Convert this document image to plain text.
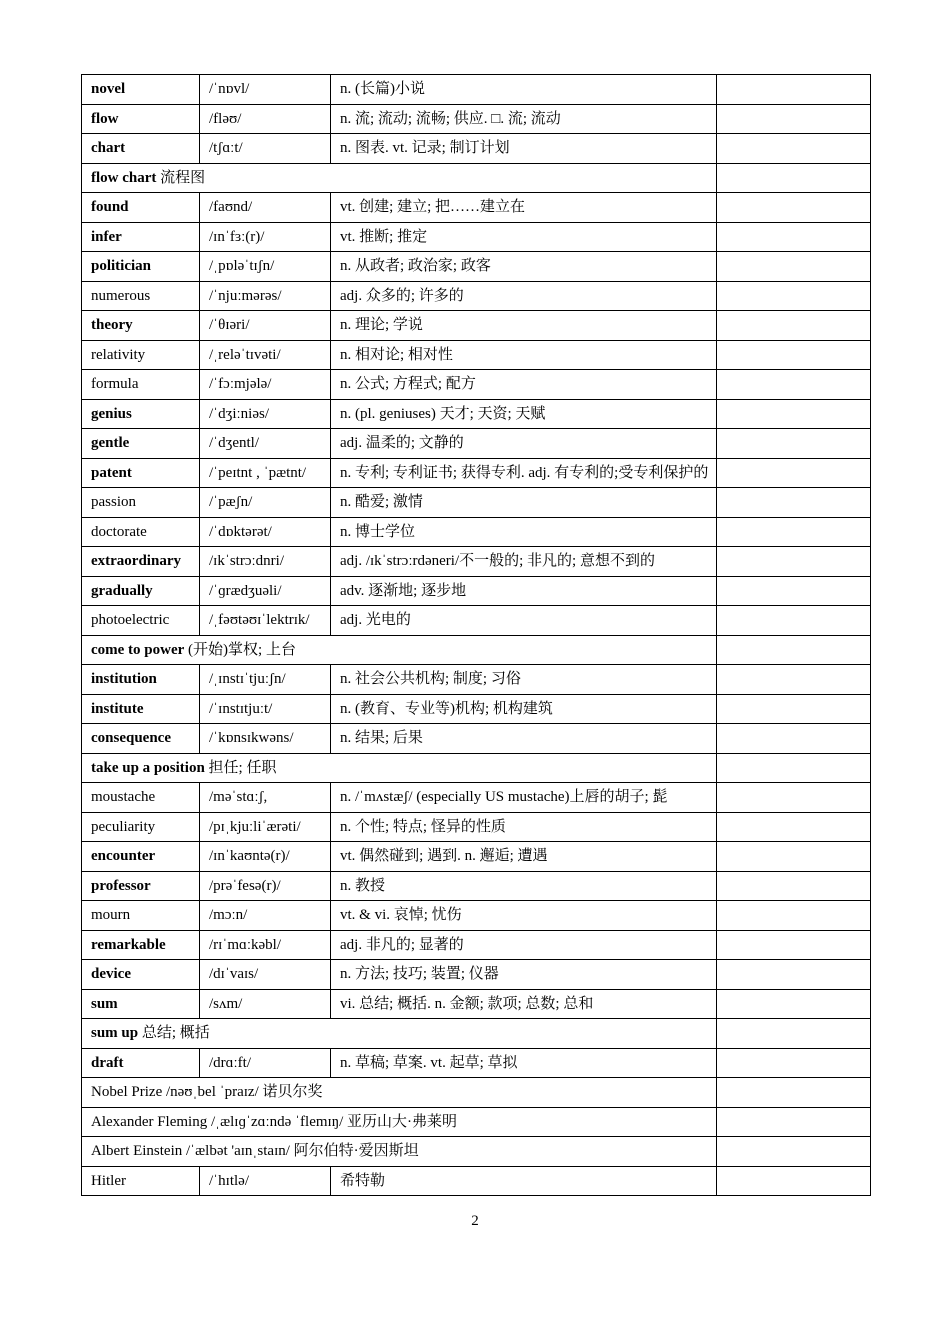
novel	/ˈnɒvl/	n. (长篇)小说	
flow	/fləʊ/	n. 流; 流动; 流畅; 供应. □. 流; 流动	
chart	/tʃɑːt/	n. 图表. vt. 记录; 制订计划	
flow chart 流程图			
found	/faʊnd/	vt. 创建; 建立; 把……建立在	
infer	/ɪnˈfɜː(r)/	vt. 推断; 推定	
politician	/ˌpɒləˈtɪʃn/	n. 从政者; 政治家; 政客	
numerous	/ˈnjuːmərəs/	adj. 众多的; 许多的	
theory	/ˈθɪəri/	n. 理论; 学说	
relativity	/ˌreləˈtɪvəti/	n. 相对论; 相对性	
formula	/ˈfɔːmjələ/	n. 公式; 方程式; 配方	
genius	/ˈdʒiːniəs/	n. (pl. geniuses) 天才; 天资; 天赋	
gentle	/ˈdʒentl/	adj. 温柔的; 文静的	
patent	/ˈpeɪtnt , ˈpætnt/	n. 专利; 专利证书; 获得专利. adj. 有专利的;受专利保护的	
passion	/ˈpæʃn/	n. 酷爱; 激情	
doctorate	/ˈdɒktərət/	n. 博士学位	
extraordinary	/ɪkˈstrɔːdnri/	adj. /ɪkˈstrɔːrdəneri/不一般的; 非凡的; 意想不到的	
gradually	/ˈɡrædʒuəli/	adv. 逐渐地; 逐步地	
photoelectric	/ˌfəʊtəʊɪˈlektrɪk/	adj. 光电的	
come to power (开始)掌权; 上台			
institution	/ˌɪnstɪˈtjuːʃn/	n. 社会公共机构; 制度; 习俗	
institute	/ˈɪnstɪtjuːt/	n. (教育、专业等)机构; 机构建筑	
consequence	/ˈkɒnsɪkwəns/	n. 结果; 后果	
take up a position 担任; 任职			
moustache	/məˈstɑːʃ,	n. /ˈmʌstæʃ/ (especially US mustache)上唇的胡子; 髭	
peculiarity	/pɪˌkjuːliˈærəti/	n. 个性; 特点; 怪异的性质	
encounter	/ɪnˈkaʊntə(r)/	vt. 偶然碰到; 遇到. n. 邂逅; 遭遇	
professor	/prəˈfesə(r)/	n. 教授	
mourn	/mɔːn/	vt. & vi. 哀悼; 忧伤	
remarkable	/rɪˈmɑːkəbl/	adj. 非凡的; 显著的	
device	/dɪˈvaɪs/	n. 方法; 技巧; 装置; 仪器	
sum	/sʌm/	vi. 总结; 概括. n. 金额; 款项; 总数; 总和	
sum up 总结; 概括			
draft	/drɑːft/	n. 草稿; 草案. vt. 起草; 草拟	
Nobel Prize /nəʊˌbel ˈpraɪz/ 诺贝尔奖			
Alexander Fleming /ˌælɪɡˈzɑːndə ˈflemɪŋ/ 亚历山大·弗莱明			
Albert Einstein /ˈælbət 'aɪnˌstaɪn/ 阿尔伯特·爱因斯坦			
Hitler	/ˈhɪtlə/	希特勒	
2
